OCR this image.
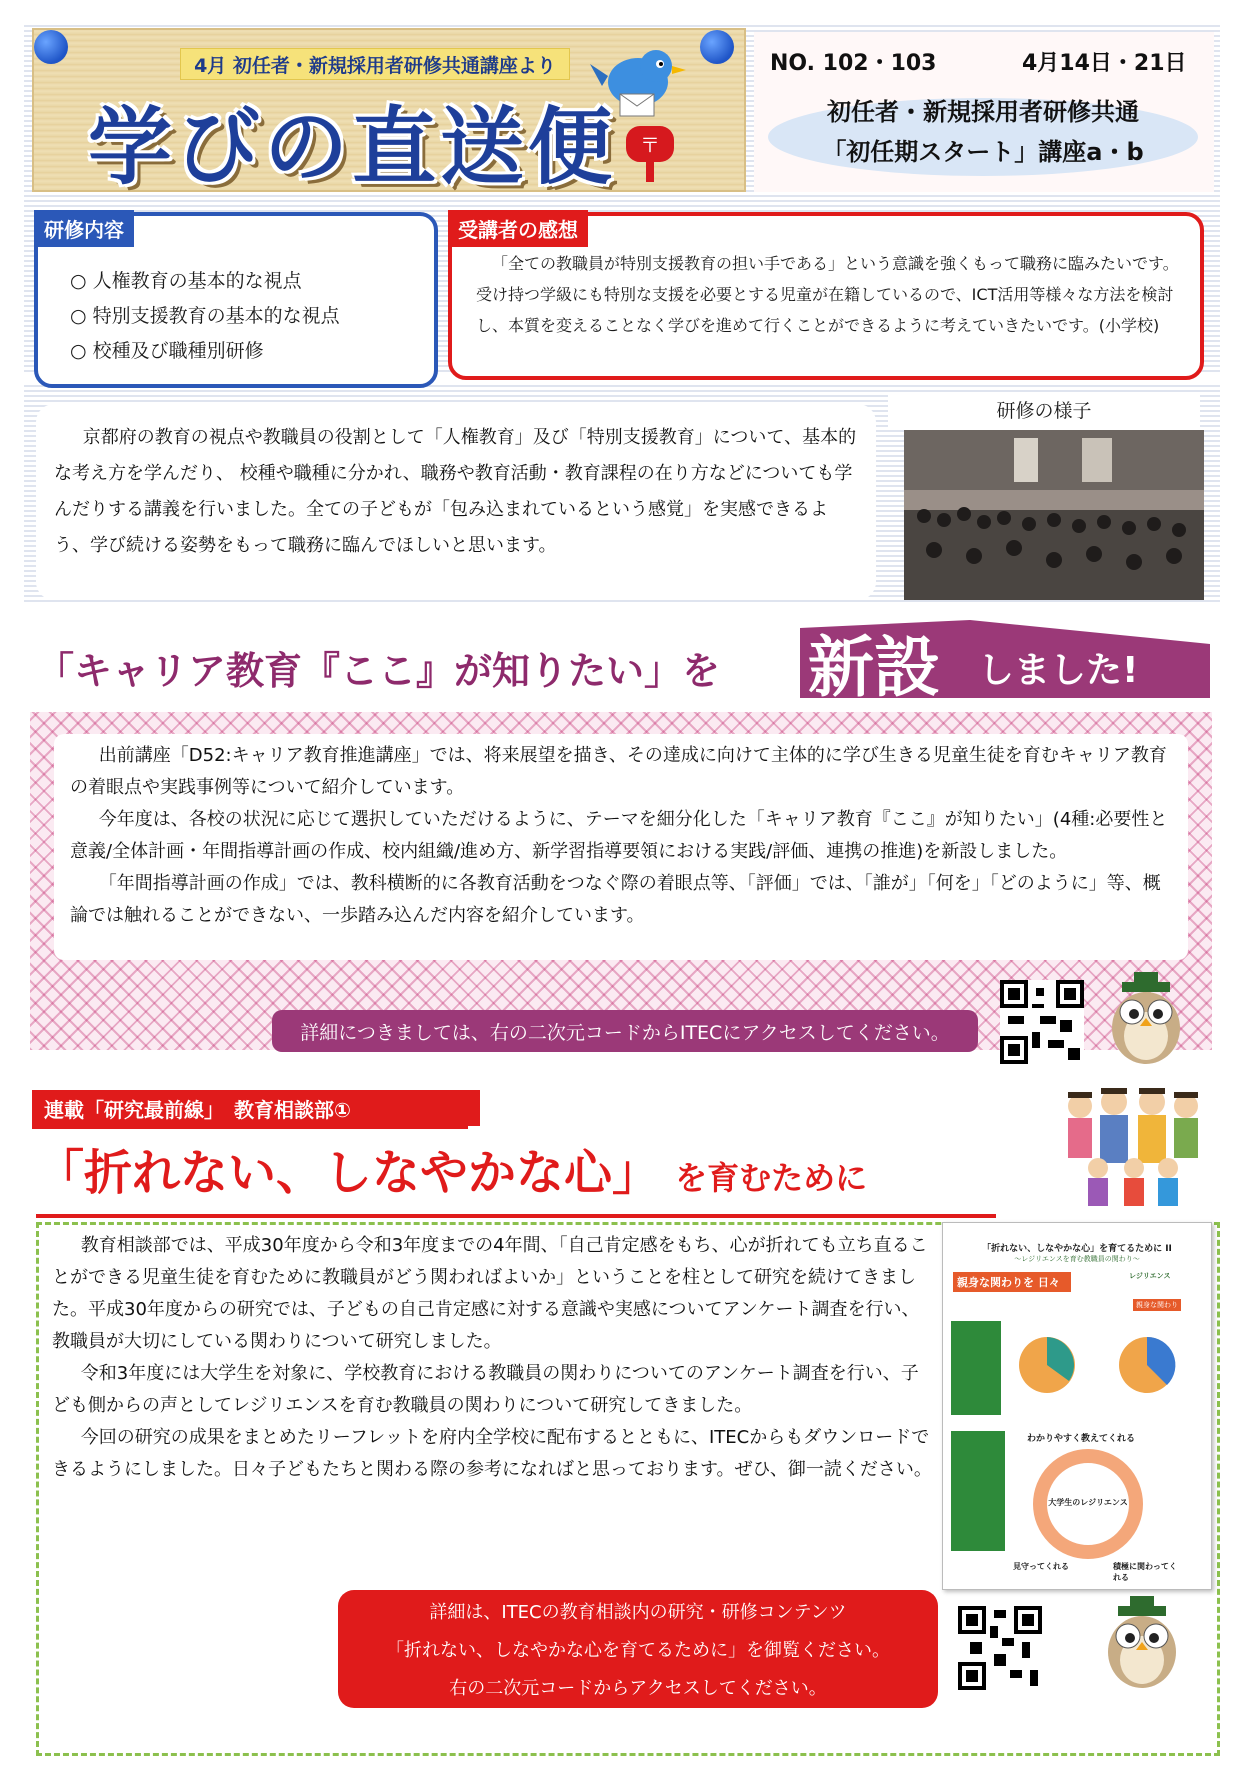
4月 初任者・新規採用者研修共通講座より
学びの直送便 〒
NO. 102・103	4月14日・21日
初任者・新規採用者研修共通
「初任期スタート」講座a・b
研修内容
○ 人権教育の基本的な視点
○ 特別支援教育の基本的な視点
○ 校種及び職種別研修
受講者の感想
「全ての教職員が特別支援教育の担い手である」という意識を強くもって職務に臨みたいです。受け持つ学級にも特別な支援を必要とする児童が在籍しているので、ICT活用等様々な方法を検討し、本質を変えることなく学びを進めて行くことができるように考えていきたいです。(小学校)
京都府の教育の視点や教職員の役割として「人権教育」及び「特別支援教育」について、基本的な考え方を学んだり、 校種や職種に分かれ、職務や教育活動・教育課程の在り方などについても学んだりする講義を行いました。全ての子どもが「包み込まれているという感覚」を実感できるよう、学び続ける姿勢をもって職務に臨んでほしいと思います。
研修の様子
「キャリア教育『ここ』が知りたい」を 新設 しました!
出前講座「D52:キャリア教育推進講座」では、将来展望を描き、その達成に向けて主体的に学び生きる児童生徒を育むキャリア教育の着眼点や実践事例等について紹介しています。
今年度は、各校の状況に応じて選択していただけるように、テーマを細分化した「キャリア教育『ここ』が知りたい」(4種:必要性と意義/全体計画・年間指導計画の作成、校内組織/進め方、新学習指導要領における実践/評価、連携の推進)を新設しました。
「年間指導計画の作成」では、教科横断的に各教育活動をつなぐ際の着眼点等、「評価」では、「誰が」「何を」「どのように」等、概論では触れることができない、一歩踏み込んだ内容を紹介しています。
詳細につきましては、右の二次元コードからITECにアクセスしてください。
連載「研究最前線」　教育相談部①
「折れない、しなやかな心」 を育むために
教育相談部では、平成30年度から令和3年度までの4年間、「自己肯定感をもち、心が折れても立ち直ることができる児童生徒を育むために教職員がどう関わればよいか」ということを柱として研究を続けてきました。平成30年度からの研究では、子どもの自己肯定感に対する意識や実感についてアンケート調査を行い、教職員が大切にしている関わりについて研究しました。
令和3年度には大学生を対象に、学校教育における教職員の関わりについてのアンケート調査を行い、子ども側からの声としてレジリエンスを育む教職員の関わりについて研究してきました。
今回の研究の成果をまとめたリーフレットを府内全学校に配布するとともに、ITECからもダウンロードできるようにしました。日々子どもたちと関わる際の参考になればと思っております。ぜひ、御一読ください。
「折れない、しなやかな心」を育てるために II
〜レジリエンスを育む教職員の関わり〜
親身な関わりを 日々	レジリエンス
親身な関わり
大学生のレジリエンス
わかりやすく教えてくれる
見守ってくれる	積極に関わってくれる
詳細は、ITECの教育相談内の研究・研修コンテンツ
「折れない、しなやかな心を育てるために」を御覧ください。
右の二次元コードからアクセスしてください。
